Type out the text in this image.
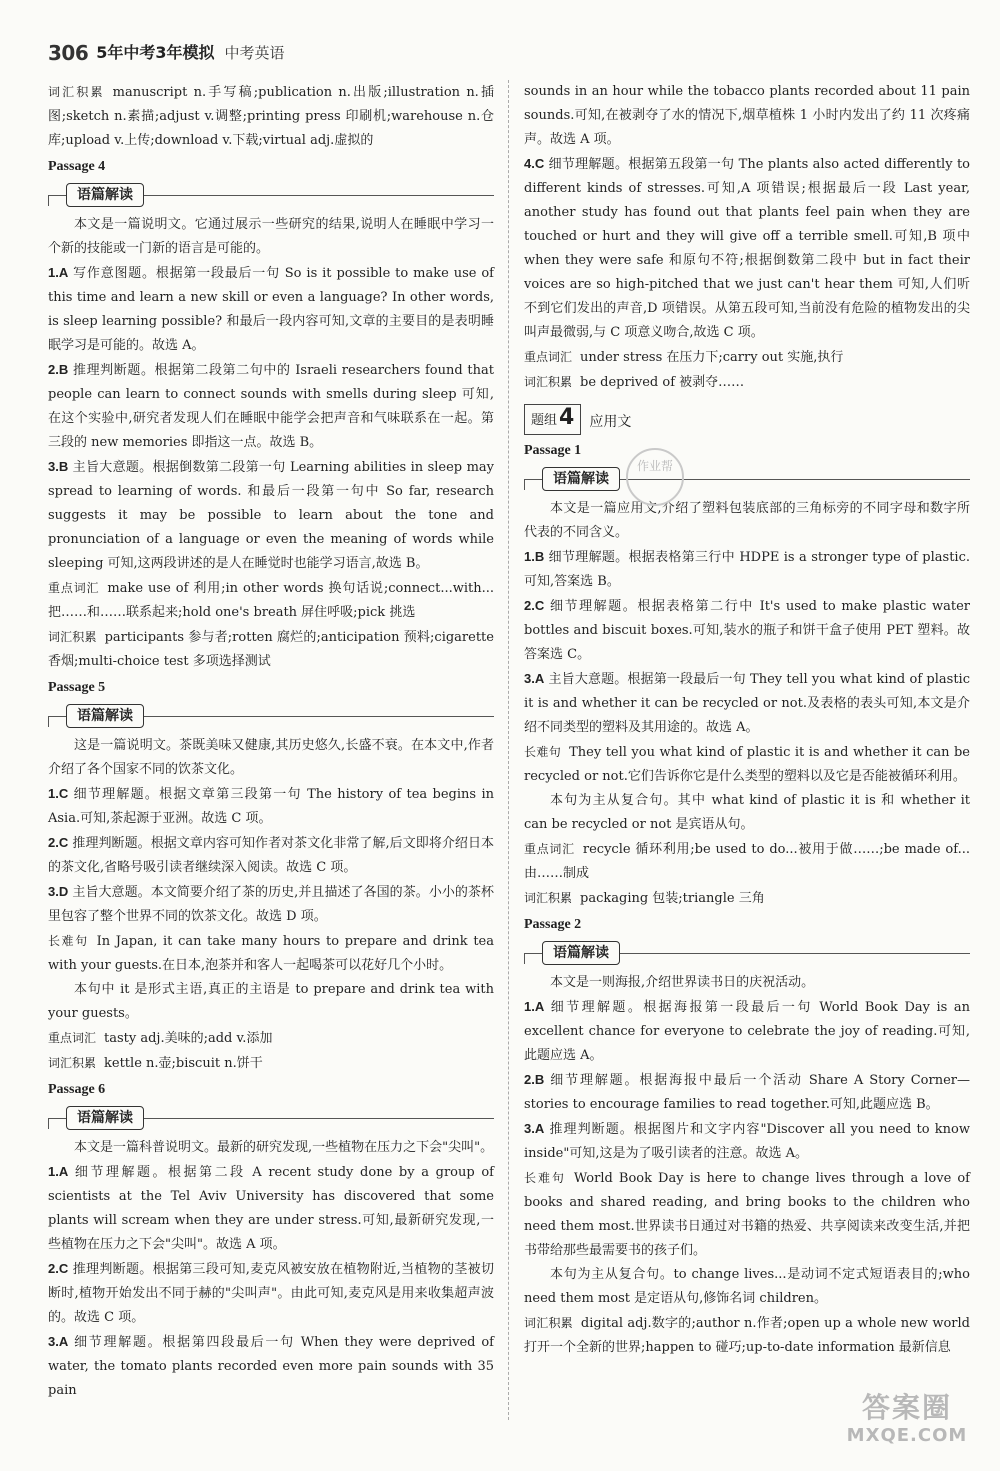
306 5年中考3年模拟 中考英语

词汇积累 manuscript n.手写稿;publication n.出版;illustration n.插图;sketch n.素描;adjust v.调整;printing press 印刷机;warehouse n.仓库;upload v.上传;download v.下载;virtual adj.虚拟的

Passage 4
语篇解读

本文是一篇说明文。它通过展示一些研究的结果,说明人在睡眠中学习一个新的技能或一门新的语言是可能的。

1.A 写作意图题。根据第一段最后一句 So is it possible to make use of this time and learn a new skill or even a language? In other words, is sleep learning possible? 和最后一段内容可知,文章的主要目的是表明睡眠学习是可能的。故选 A。

2.B 推理判断题。根据第二段第二句中的 Israeli researchers found that people can learn to connect sounds with smells during sleep 可知,在这个实验中,研究者发现人们在睡眠中能学会把声音和气味联系在一起。第三段的 new memories 即指这一点。故选 B。

3.B 主旨大意题。根据倒数第二段第一句 Learning abilities in sleep may spread to learning of words. 和最后一段第一句中 So far, research suggests it may be possible to learn about the tone and pronunciation of a language or even the meaning of words while sleeping 可知,这两段讲述的是人在睡觉时也能学习语言,故选 B。

重点词汇 make use of 利用;in other words 换句话说;connect...with... 把……和……联系起来;hold one's breath 屏住呼吸;pick 挑选

词汇积累 participants 参与者;rotten 腐烂的;anticipation 预料;cigarette 香烟;multi-choice test 多项选择测试

Passage 5
语篇解读

这是一篇说明文。茶既美味又健康,其历史悠久,长盛不衰。在本文中,作者介绍了各个国家不同的饮茶文化。

1.C 细节理解题。根据文章第三段第一句 The history of tea begins in Asia.可知,茶起源于亚洲。故选 C 项。

2.C 推理判断题。根据文章内容可知作者对茶文化非常了解,后文即将介绍日本的茶文化,省略号吸引读者继续深入阅读。故选 C 项。

3.D 主旨大意题。本文简要介绍了茶的历史,并且描述了各国的茶。小小的茶杯里包容了整个世界不同的饮茶文化。故选 D 项。

长难句 In Japan, it can take many hours to prepare and drink tea with your guests.在日本,泡茶并和客人一起喝茶可以花好几个小时。

本句中 it 是形式主语,真正的主语是 to prepare and drink tea with your guests。

重点词汇 tasty adj.美味的;add v.添加

词汇积累 kettle n.壶;biscuit n.饼干

Passage 6
语篇解读

本文是一篇科普说明文。最新的研究发现,一些植物在压力之下会"尖叫"。

1.A 细节理解题。根据第二段 A recent study done by a group of scientists at the Tel Aviv University has discovered that some plants will scream when they are under stress.可知,最新研究发现,一些植物在压力之下会"尖叫"。故选 A 项。

2.C 推理判断题。根据第三段可知,麦克风被安放在植物附近,当植物的茎被切断时,植物开始发出不同于赫的"尖叫声"。由此可知,麦克风是用来收集超声波的。故选 C 项。

3.A 细节理解题。根据第四段最后一句 When they were deprived of water, the tomato plants recorded even more pain sounds with 35 pain

sounds in an hour while the tobacco plants recorded about 11 pain sounds.可知,在被剥夺了水的情况下,烟草植株 1 小时内发出了约 11 次疼痛声。故选 A 项。

4.C 细节理解题。根据第五段第一句 The plants also acted differently to different kinds of stresses.可知,A 项错误;根据最后一段 Last year, another study has found out that plants feel pain when they are touched or hurt and they will give off a terrible smell.可知,B 项中 when they were safe 和原句不符;根据倒数第二段中 but in fact their voices are so high-pitched that we just can't hear them 可知,人们听不到它们发出的声音,D 项错误。从第五段可知,当前没有危险的植物发出的尖叫声最微弱,与 C 项意义吻合,故选 C 项。

重点词汇 under stress 在压力下;carry out 实施,执行

词汇积累 be deprived of 被剥夺……

题组 4 应用文
Passage 1
语篇解读

本文是一篇应用文,介绍了塑料包装底部的三角标旁的不同字母和数字所代表的不同含义。

1.B 细节理解题。根据表格第三行中 HDPE is a stronger type of plastic.可知,答案选 B。

2.C 细节理解题。根据表格第二行中 It's used to make plastic water bottles and biscuit boxes.可知,装水的瓶子和饼干盒子使用 PET 塑料。故答案选 C。

3.A 主旨大意题。根据第一段最后一句 They tell you what kind of plastic it is and whether it can be recycled or not.及表格的表头可知,本文是介绍不同类型的塑料及其用途的。故选 A。

长难句 They tell you what kind of plastic it is and whether it can be recycled or not.它们告诉你它是什么类型的塑料以及它是否能被循环利用。

本句为主从复合句。其中 what kind of plastic it is 和 whether it can be recycled or not 是宾语从句。

重点词汇 recycle 循环利用;be used to do...被用于做……;be made of...由……制成

词汇积累 packaging 包装;triangle 三角

Passage 2
语篇解读

本文是一则海报,介绍世界读书日的庆祝活动。

1.A 细节理解题。根据海报第一段最后一句 World Book Day is an excellent chance for everyone to celebrate the joy of reading.可知,此题应选 A。

2.B 细节理解题。根据海报中最后一个活动 Share A Story Corner—stories to encourage families to read together.可知,此题应选 B。

3.A 推理判断题。根据图片和文字内容"Discover all you need to know inside"可知,这是为了吸引读者的注意。故选 A。

长难句 World Book Day is here to change lives through a love of books and shared reading, and bring books to the children who need them most.世界读书日通过对书籍的热爱、共享阅读来改变生活,并把书带给那些最需要书的孩子们。

本句为主从复合句。to change lives...是动词不定式短语表目的;who need them most 是定语从句,修饰名词 children。

词汇积累 digital adj.数字的;author n.作者;open up a whole new world 打开一个全新的世界;happen to 碰巧;up-to-date information 最新信息

作业帮
答案圈
MXQE.COM
